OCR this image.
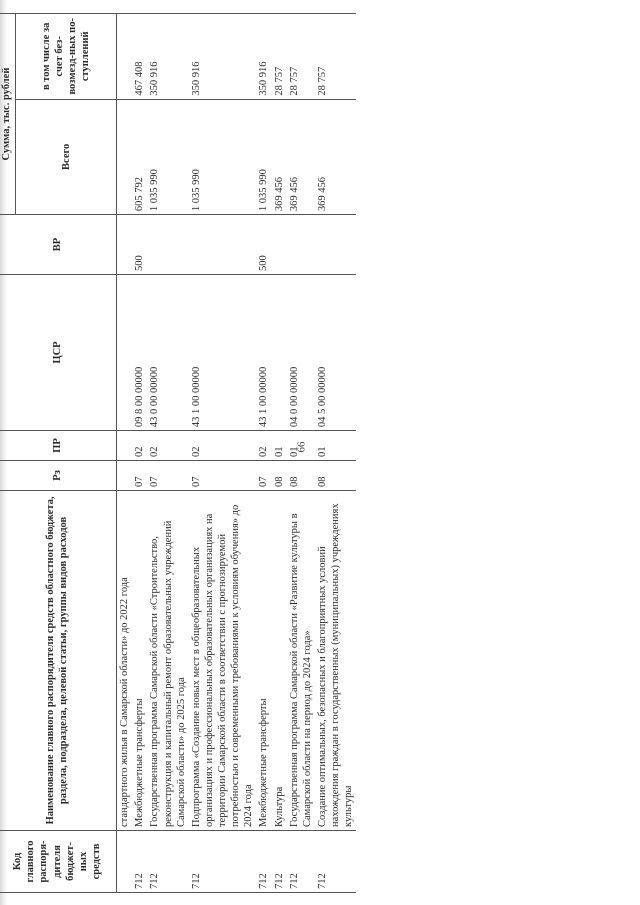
66
Код главного распоря-дителя бюджет-ных средств	Наименование главного распорядителя средств областного бюджета, раздела, подраздела, целевой статьи, группы видов расходов	Рз	ПР	ЦСР	ВР	Сумма, тыс. рублей	
						Всего	в том числе за счет без-возмезд-ных по-ступлений
	стандартного жилья в Самарской области» до 2022 года						
712	Межбюджетные трансферты	07	02	09 8 00 00000	500	605 792	467 408
712	Государственная программа Самарской области «Строительство, реконструкция и капитальный ремонт образовательных учреждений Самарской области» до 2025 года	07	02	43 0 00 00000		1 035 990	350 916
712	Подпрограмма «Создание новых мест в общеобразовательных организациях и профессиональных образовательных организациях на территории Самарской области в соответствии с прогнозируемой потребностью и современными требованиями к условиям обучения» до 2024 года	07	02	43 1 00 00000		1 035 990	350 916
712	Межбюджетные трансферты	07	02	43 1 00 00000	500	1 035 990	350 916
712	Культура	08	01			369 456	28 757
712	Государственная программа Самарской области «Развитие культуры в Самарской области на период до 2024 года»	08	01	04 0 00 00000		369 456	28 757
712	Создание оптимальных, безопасных и благоприятных условий нахождения граждан в государственных (муниципальных) учреждениях культуры	08	01	04 5 00 00000		369 456	28 757
